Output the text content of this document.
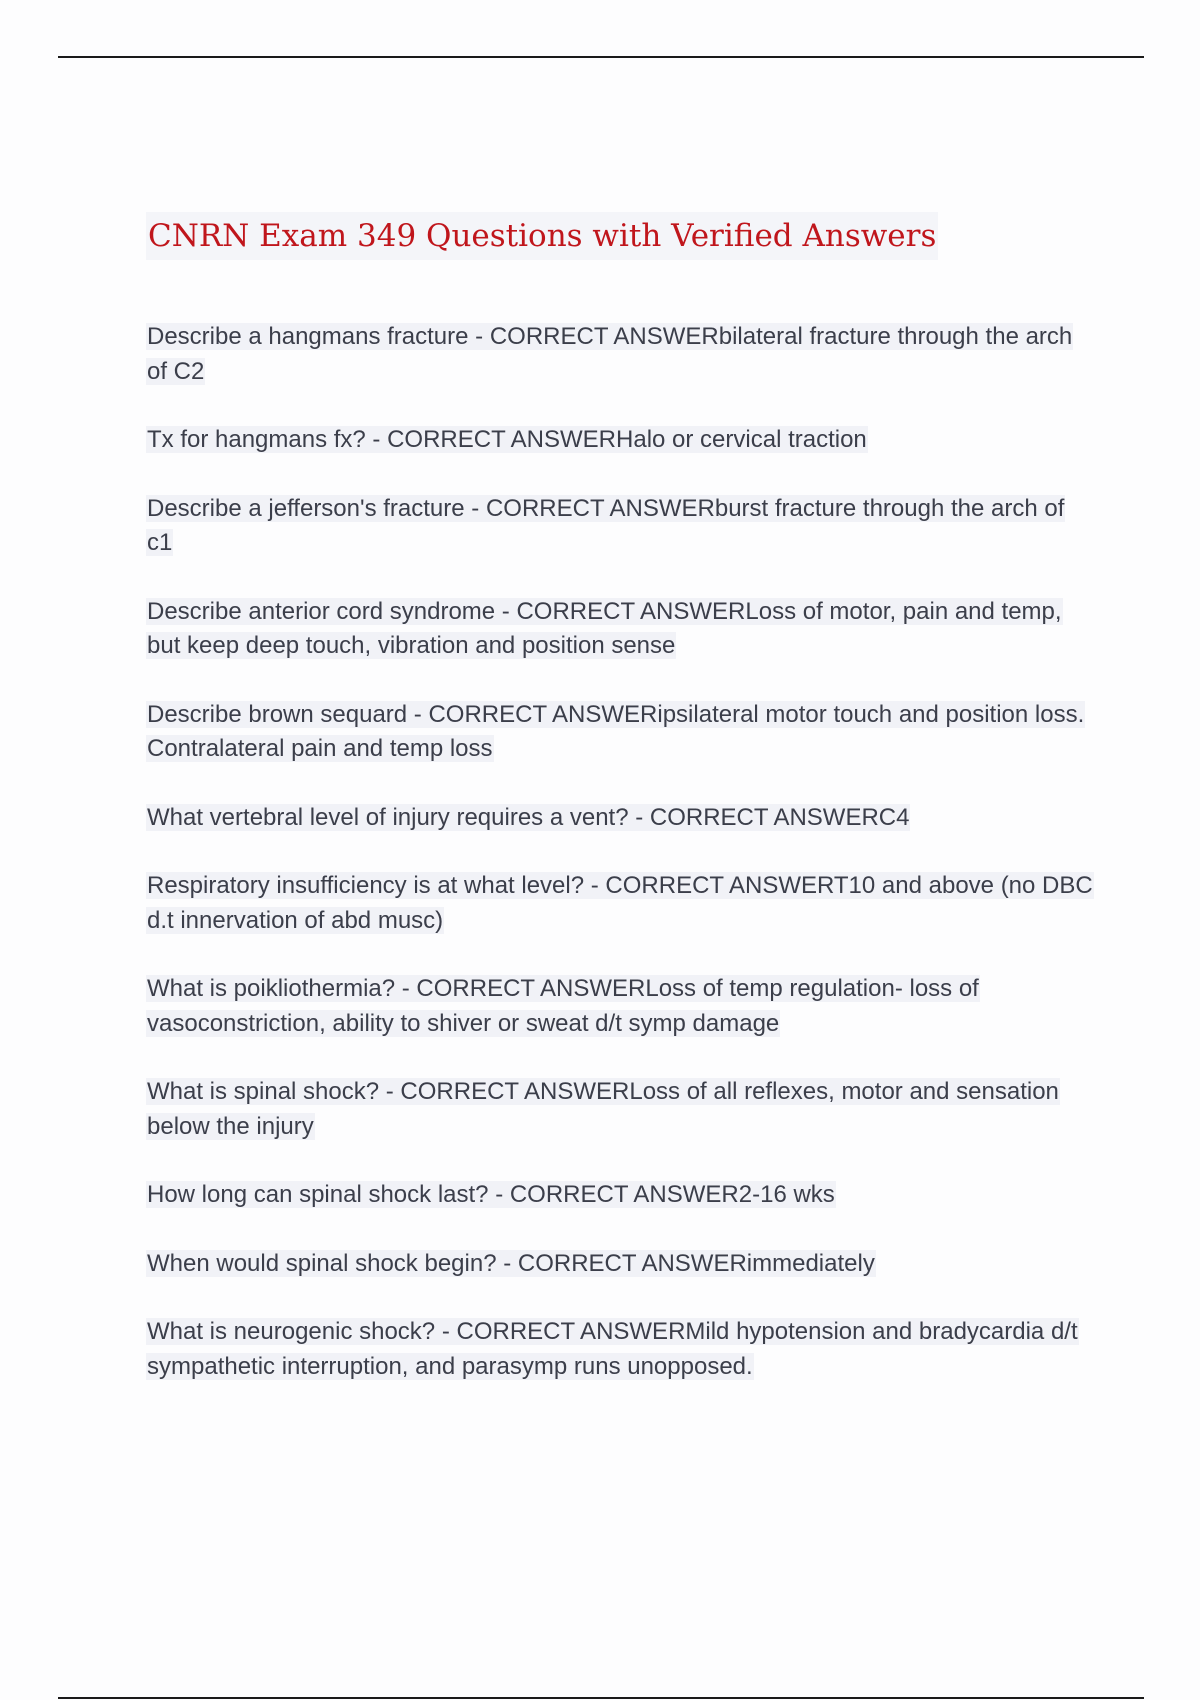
CNRN Exam 349 Questions with Verified Answers
Describe a hangmans fracture - CORRECT ANSWERbilateral fracture through the arch of C2
Tx for hangmans fx? - CORRECT ANSWERHalo or cervical traction
Describe a jefferson's fracture - CORRECT ANSWERburst fracture through the arch of c1
Describe anterior cord syndrome - CORRECT ANSWERLoss of motor, pain and temp, but keep deep touch, vibration and position sense
Describe brown sequard - CORRECT ANSWERipsilateral motor touch and position loss. Contralateral pain and temp loss
What vertebral level of injury requires a vent? - CORRECT ANSWERC4
Respiratory insufficiency is at what level? - CORRECT ANSWERT10 and above (no DBC d.t innervation of abd musc)
What is poikliothermia? - CORRECT ANSWERLoss of temp regulation- loss of vasoconstriction, ability to shiver or sweat d/t symp damage
What is spinal shock? - CORRECT ANSWERLoss of all reflexes, motor and sensation below the injury
How long can spinal shock last? - CORRECT ANSWER2-16 wks
When would spinal shock begin? - CORRECT ANSWERimmediately
What is neurogenic shock? - CORRECT ANSWERMild hypotension and bradycardia d/t sympathetic interruption, and parasymp runs unopposed.
